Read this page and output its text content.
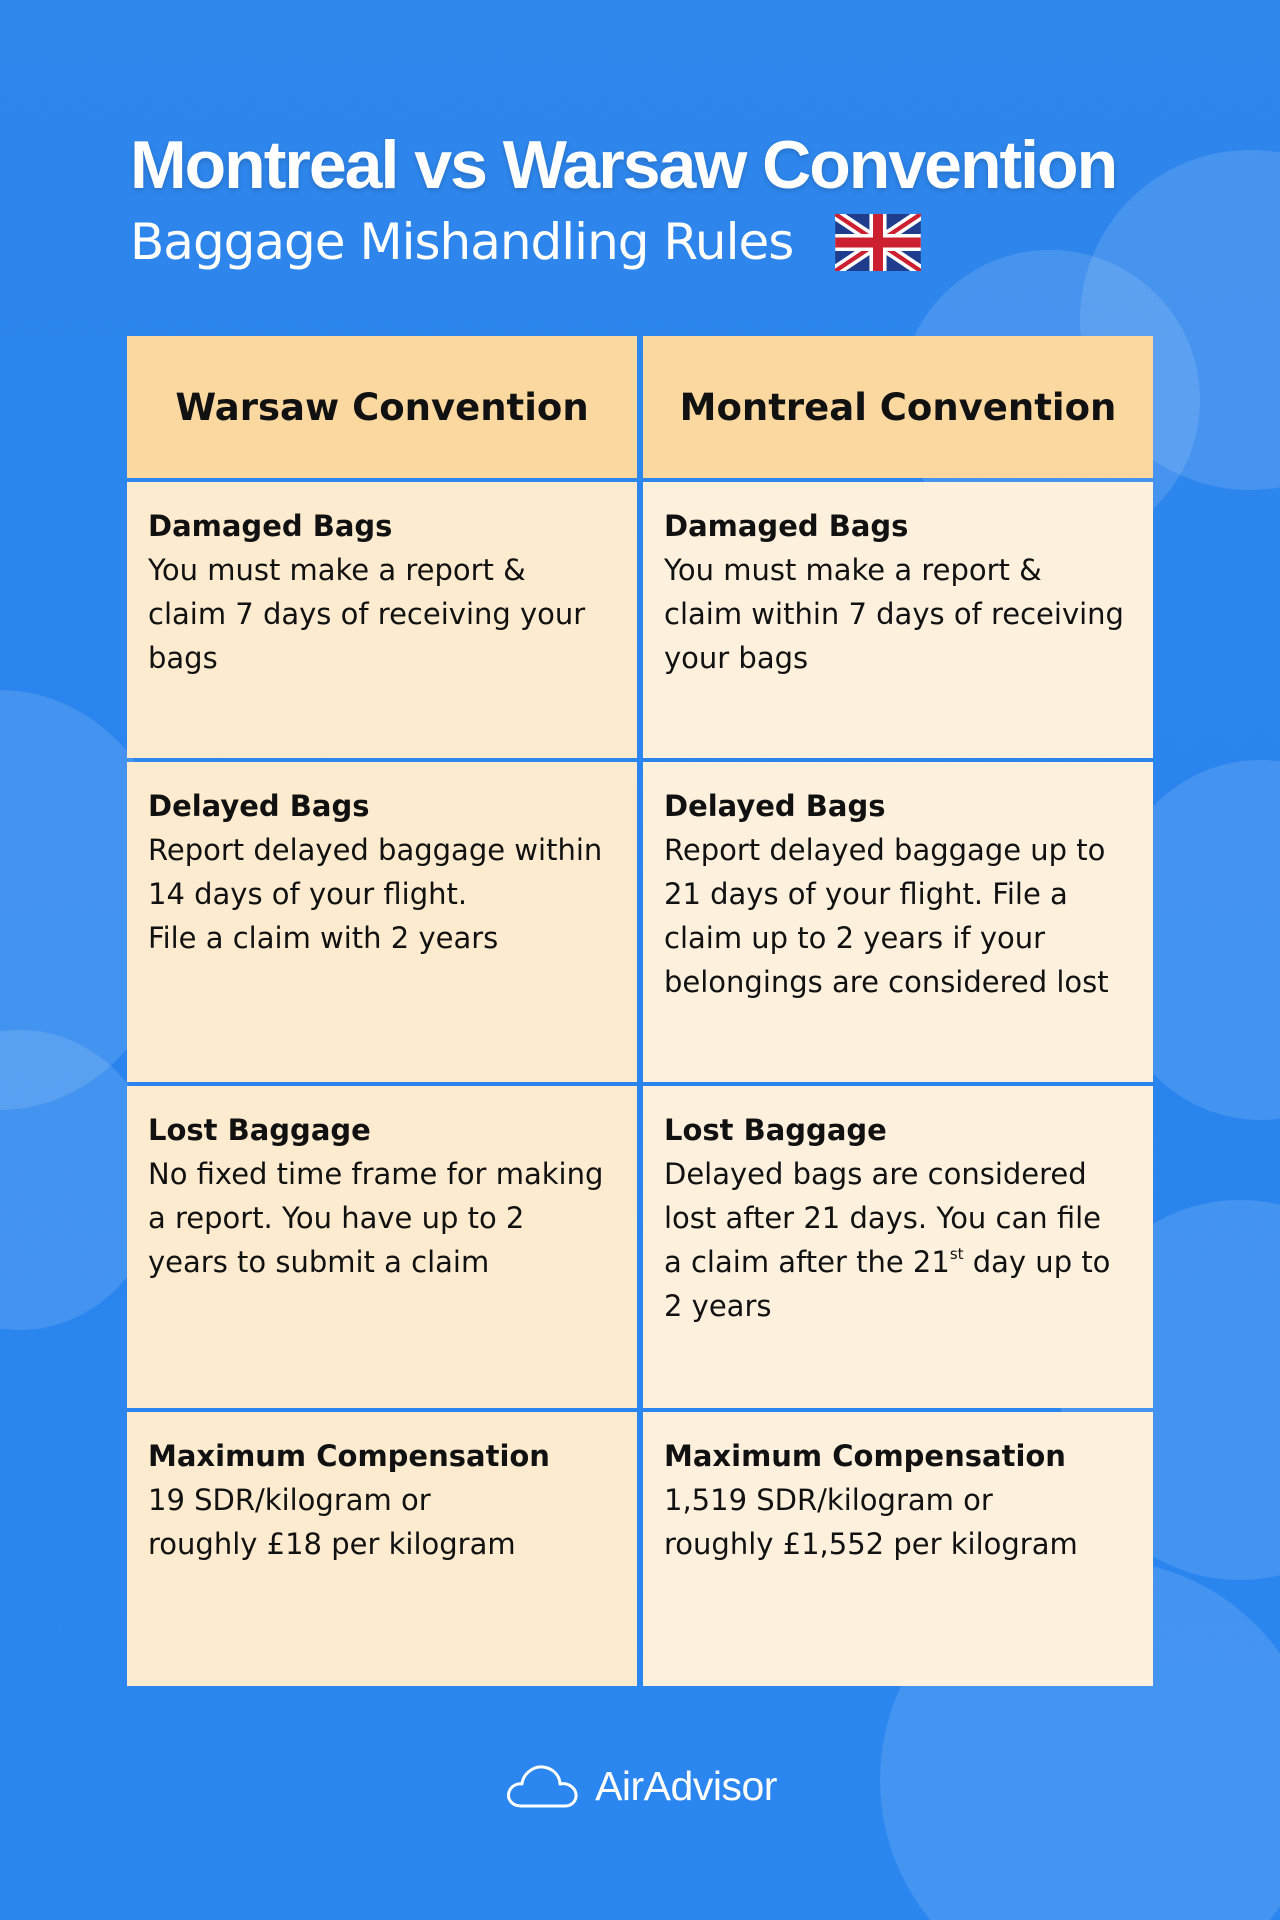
Montreal vs Warsaw Convention
Baggage Mishandling Rules
Warsaw Convention Montreal Convention
Damaged Bags
You must make a report &
claim 7 days of receiving your
bags
Damaged Bags
You must make a report &
claim within 7 days of receiving
your bags
Delayed Bags
Report delayed baggage within
14 days of your flight.
File a claim with 2 years
Delayed Bags
Report delayed baggage up to
21 days of your flight. File a
claim up to 2 years if your
belongings are considered lost
Lost Baggage
No fixed time frame for making
a report. You have up to 2
years to submit a claim
Lost Baggage
Delayed bags are considered
lost after 21 days. You can file
a claim after the 21st day up to
2 years
Maximum Compensation
19 SDR/kilogram or
roughly £18 per kilogram
Maximum Compensation
1,519 SDR/kilogram or
roughly £1,552 per kilogram
AirAdvisor
